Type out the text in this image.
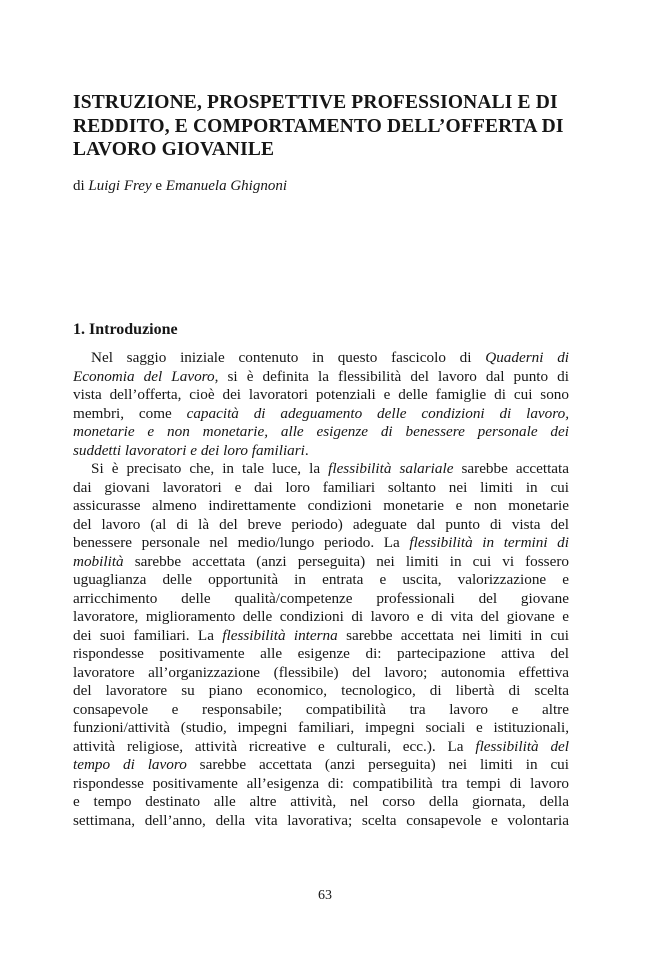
ISTRUZIONE, PROSPETTIVE PROFESSIONALI E DI
REDDITO, E COMPORTAMENTO DELL’OFFERTA DI
LAVORO GIOVANILE

di Luigi Frey e Emanuela Ghignoni

1. Introduzione
Nel saggio iniziale contenuto in questo fascicolo di Quaderni di
Economia del Lavoro, si è definita la flessibilità del lavoro dal punto di
vista dell’offerta, cioè dei lavoratori potenziali e delle famiglie di cui sono
membri, come capacità di adeguamento delle condizioni di lavoro,
monetarie e non monetarie, alle esigenze di benessere personale dei
suddetti lavoratori e dei loro familiari.
Si è precisato che, in tale luce, la flessibilità salariale sarebbe accettata
dai giovani lavoratori e dai loro familiari soltanto nei limiti in cui
assicurasse almeno indirettamente condizioni monetarie e non monetarie
del lavoro (al di là del breve periodo) adeguate dal punto di vista del
benessere personale nel medio/lungo periodo. La flessibilità in termini di
mobilità sarebbe accettata (anzi perseguita) nei limiti in cui vi fossero
uguaglianza delle opportunità in entrata e uscita, valorizzazione e
arricchimento delle qualità/competenze professionali del giovane
lavoratore, miglioramento delle condizioni di lavoro e di vita del giovane e
dei suoi familiari. La flessibilità interna sarebbe accettata nei limiti in cui
rispondesse positivamente alle esigenze di: partecipazione attiva del
lavoratore all’organizzazione (flessibile) del lavoro; autonomia effettiva
del lavoratore su piano economico, tecnologico, di libertà di scelta
consapevole e responsabile; compatibilità tra lavoro e altre
funzioni/attività (studio, impegni familiari, impegni sociali e istituzionali,
attività religiose, attività ricreative e culturali, ecc.). La flessibilità del
tempo di lavoro sarebbe accettata (anzi perseguita) nei limiti in cui
rispondesse positivamente all’esigenza di: compatibilità tra tempi di lavoro
e tempo destinato alle altre attività, nel corso della giornata, della
settimana, dell’anno, della vita lavorativa; scelta consapevole e volontaria

63
